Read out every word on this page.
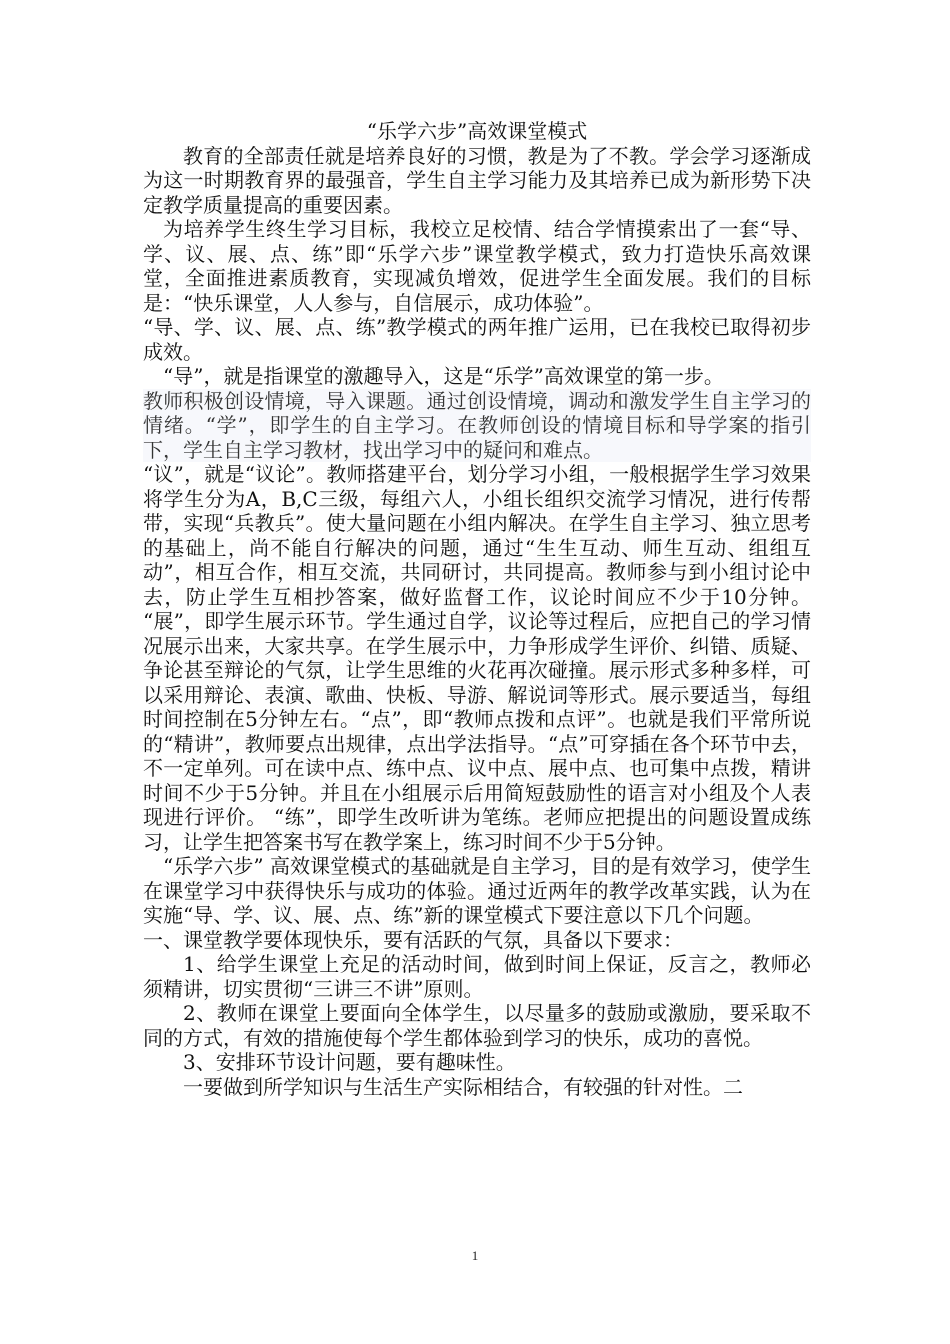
“乐学六步”高效课堂模式

教育的全部责任就是培养良好的习惯，教是为了不教。学会学习逐渐成为这一时期教育界的最强音，学生自主学习能力及其培养已成为新形势下决定教学质量提高的重要因素。

为培养学生终生学习目标，我校立足校情、结合学情摸索出了一套“导、学、议、展、点、练”即“乐学六步”课堂教学模式，致力打造快乐高效课堂，全面推进素质教育，实现减负增效，促进学生全面发展。我们的目标是：“快乐课堂，人人参与，自信展示，成功体验”。

“导、学、议、展、点、练”教学模式的两年推广运用，已在我校已取得初步成效。

“导”，就是指课堂的激趣导入，这是“乐学”高效课堂的第一步。

教师积极创设情境，导入课题。通过创设情境，调动和激发学生自主学习的情绪。“学”，即学生的自主学习。在教师创设的情境目标和导学案的指引下，学生自主学习教材，找出学习中的疑问和难点。

“议”，就是“议论”。教师搭建平台，划分学习小组，一般根据学生学习效果将学生分为A，B,C三级，每组六人，小组长组织交流学习情况，进行传帮带，实现“兵教兵”。使大量问题在小组内解决。在学生自主学习、独立思考的基础上，尚不能自行解决的问题，通过“生生互动、师生互动、组组互动”，相互合作，相互交流，共同研讨，共同提高。教师参与到小组讨论中去，防止学生互相抄答案，做好监督工作，议论时间应不少于10分钟。 “展”，即学生展示环节。学生通过自学，议论等过程后，应把自己的学习情况展示出来，大家共享。在学生展示中，力争形成学生评价、纠错、质疑、争论甚至辩论的气氛，让学生思维的火花再次碰撞。展示形式多种多样，可以采用辩论、表演、歌曲、快板、导游、解说词等形式。展示要适当，每组时间控制在5分钟左右。“点”，即“教师点拨和点评”。也就是我们平常所说的“精讲”，教师要点出规律，点出学法指导。“点”可穿插在各个环节中去，不一定单列。可在读中点、练中点、议中点、展中点、也可集中点拨，精讲时间不少于5分钟。并且在小组展示后用简短鼓励性的语言对小组及个人表现进行评价。 “练”，即学生改听讲为笔练。老师应把提出的问题设置成练习，让学生把答案书写在教学案上，练习时间不少于5分钟。

“乐学六步” 高效课堂模式的基础就是自主学习，目的是有效学习，使学生在课堂学习中获得快乐与成功的体验。通过近两年的教学改革实践，认为在实施“导、学、议、展、点、练”新的课堂模式下要注意以下几个问题。

一、课堂教学要体现快乐，要有活跃的气氛，具备以下要求：

1、给学生课堂上充足的活动时间，做到时间上保证，反言之，教师必须精讲，切实贯彻“三讲三不讲”原则。

2、教师在课堂上要面向全体学生，以尽量多的鼓励或激励，要采取不同的方式，有效的措施使每个学生都体验到学习的快乐，成功的喜悦。

3、安排环节设计问题，要有趣味性。

一要做到所学知识与生活生产实际相结合，有较强的针对性。二

1
